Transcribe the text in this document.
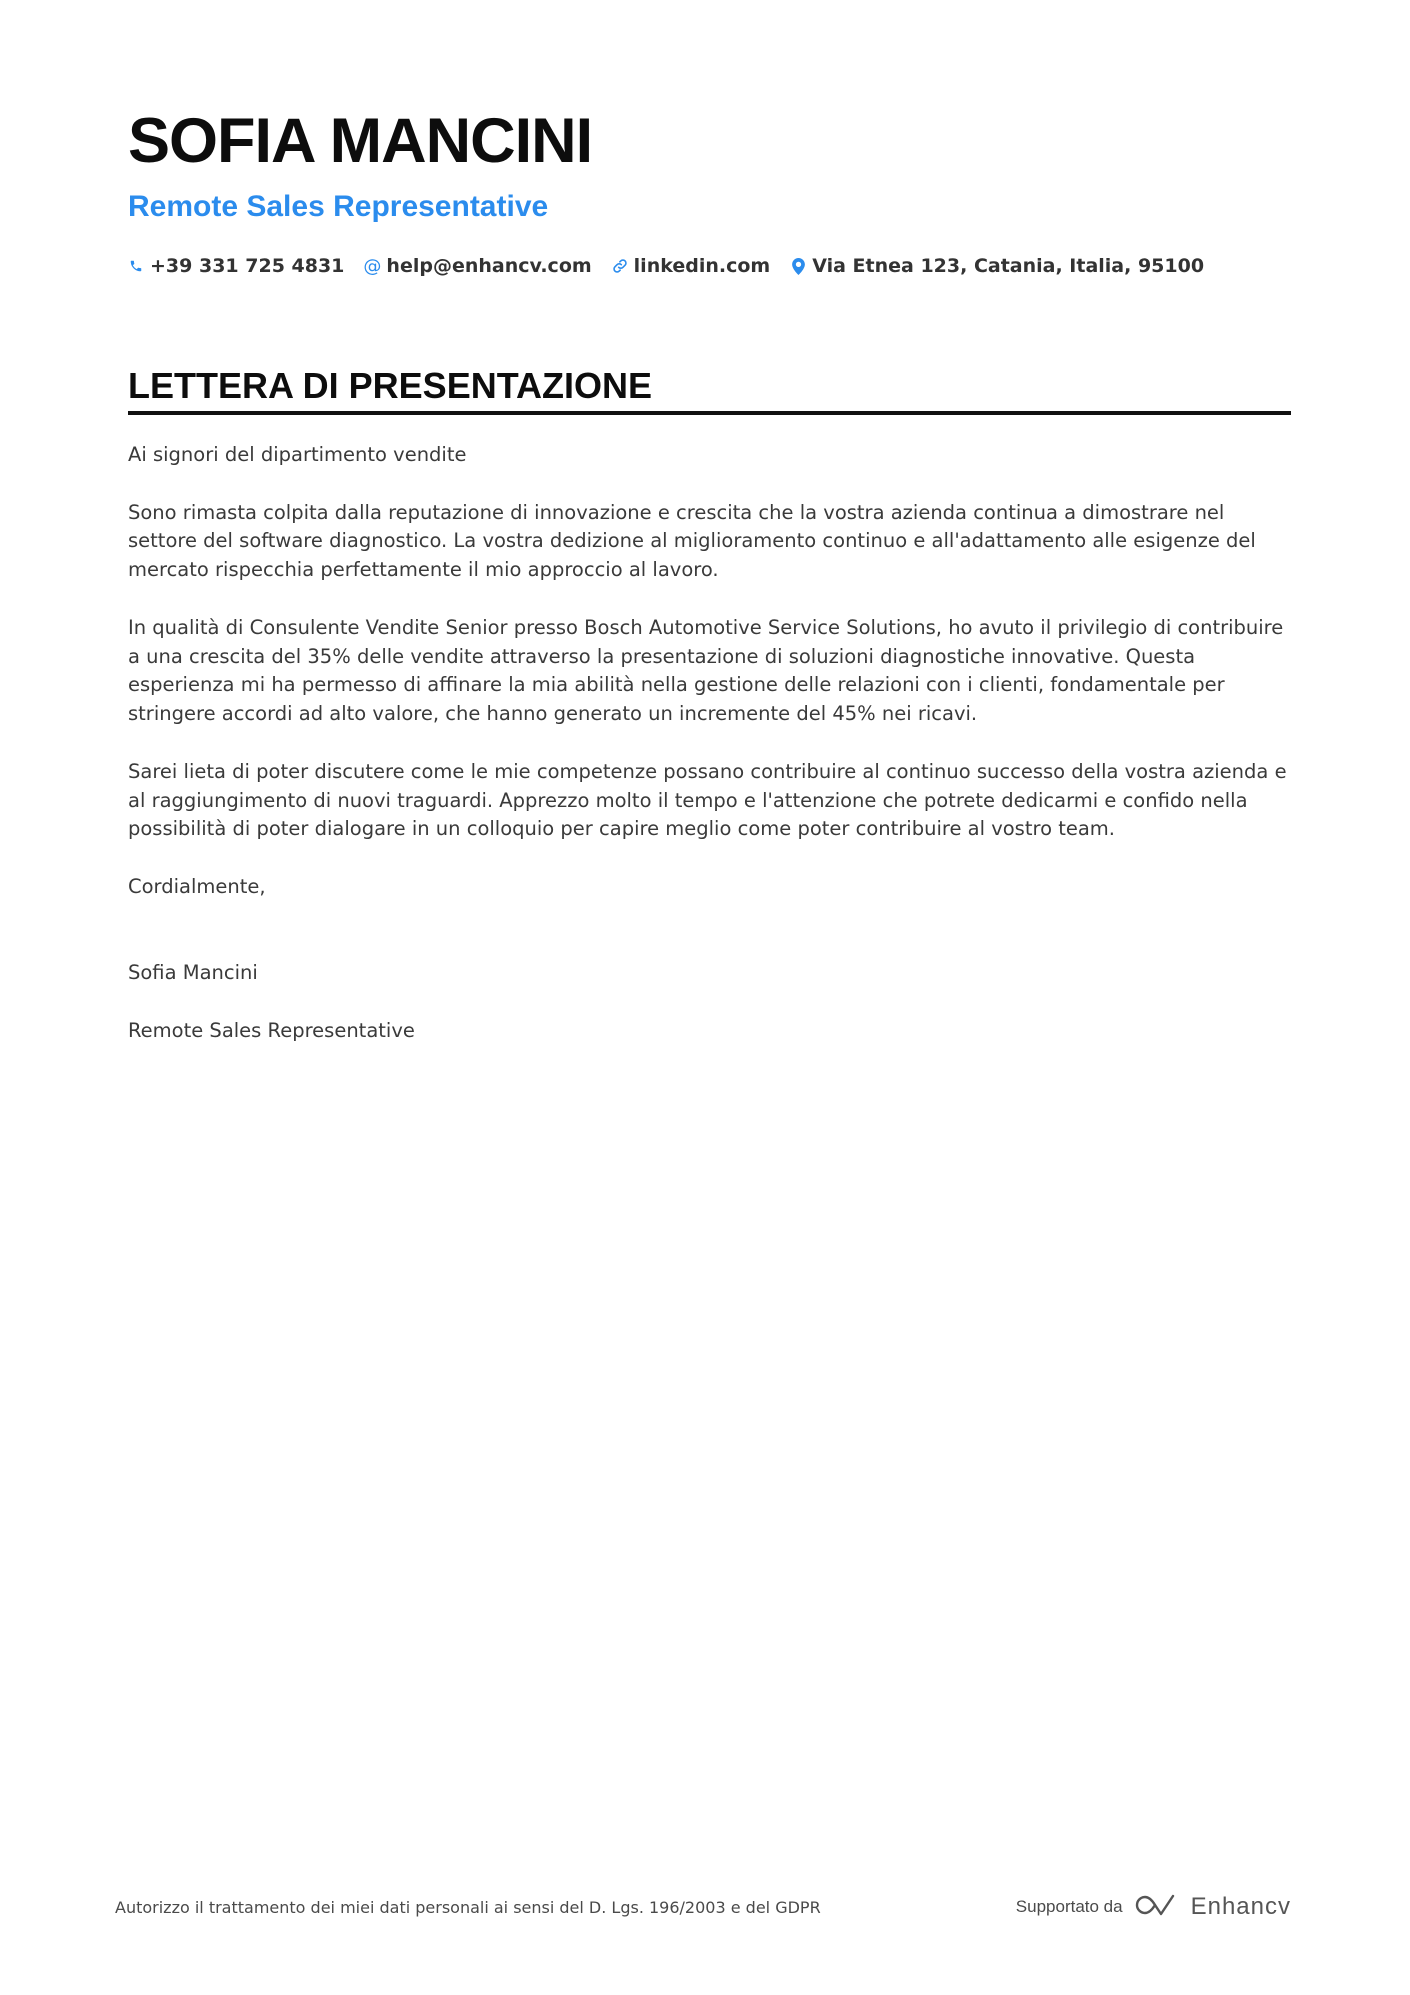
SOFIA MANCINI
Remote Sales Representative
+39 331 725 4831 @ help@enhancv.com linkedin.com Via Etnea 123, Catania, Italia, 95100
LETTERA DI PRESENTAZIONE

Ai signori del dipartimento vendite

Sono rimasta colpita dalla reputazione di innovazione e crescita che la vostra azienda continua a dimostrare nel settore del software diagnostico. La vostra dedizione al miglioramento continuo e all'adattamento alle esigenze del mercato rispecchia perfettamente il mio approccio al lavoro.

In qualità di Consulente Vendite Senior presso Bosch Automotive Service Solutions, ho avuto il privilegio di contribuire a una crescita del 35% delle vendite attraverso la presentazione di soluzioni diagnostiche innovative. Questa esperienza mi ha permesso di affinare la mia abilità nella gestione delle relazioni con i clienti, fondamentale per stringere accordi ad alto valore, che hanno generato un incremente del 45% nei ricavi.

Sarei lieta di poter discutere come le mie competenze possano contribuire al continuo successo della vostra azienda e al raggiungimento di nuovi traguardi. Apprezzo molto il tempo e l'attenzione che potrete dedicarmi e confido nella possibilità di poter dialogare in un colloquio per capire meglio come poter contribuire al vostro team.

Cordialmente,

Sofia Mancini

Remote Sales Representative

Autorizzo il trattamento dei miei dati personali ai sensi del D. Lgs. 196/2003 e del GDPR	Supportato da	Enhancv
